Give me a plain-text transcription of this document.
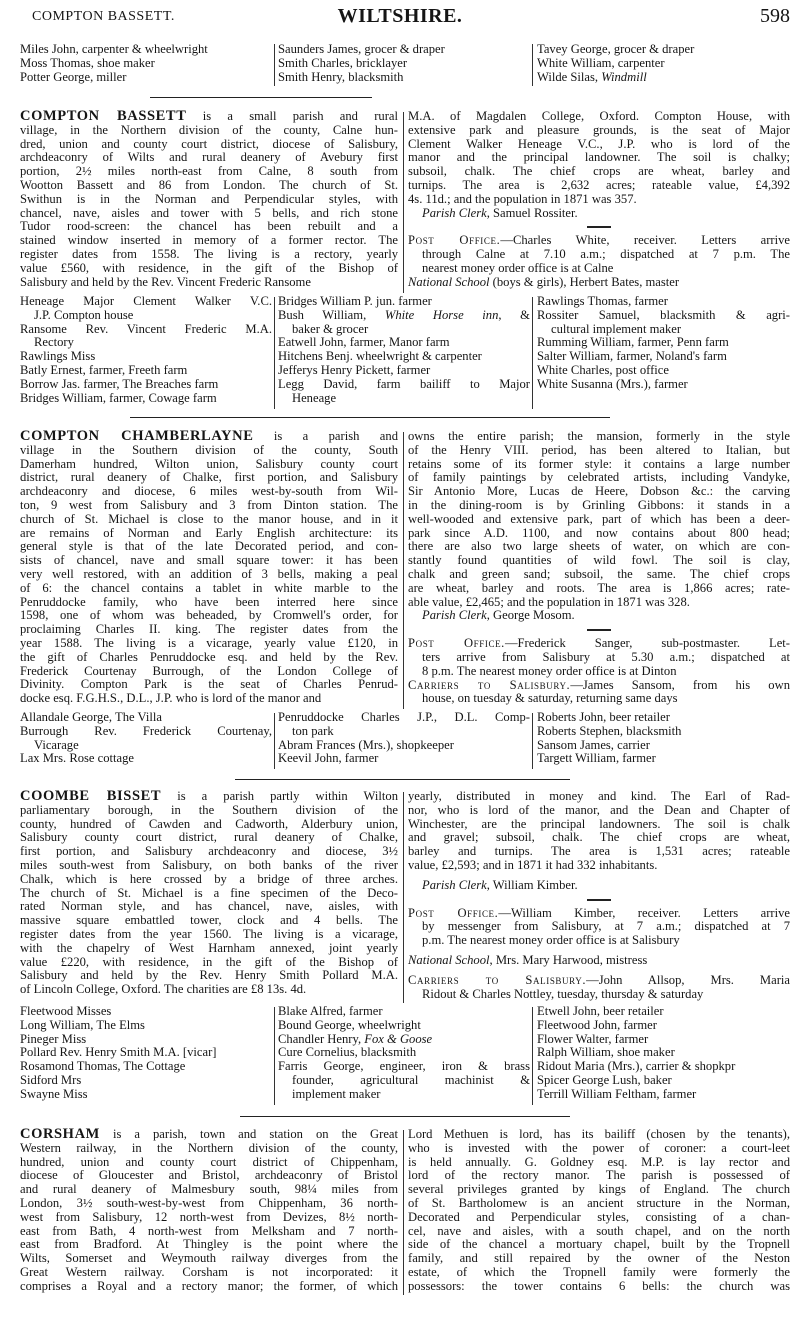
COMPTON BASSETT.	WILTSHIRE.	598
Miles John, carpenter & wheelwright
Moss Thomas, shoe maker
Potter George, miller
Saunders James, grocer & draper
Smith Charles, bricklayer
Smith Henry, blacksmith
Tavey George, grocer & draper
White William, carpenter
Wilde Silas, Windmill
COMPTON BASSETT is a small parish and rural
village, in the Northern division of the county, Calne hun-
dred, union and county court district, diocese of Salisbury,
archdeaconry of Wilts and rural deanery of Avebury first
portion, 2½ miles north-east from Calne, 8 south from
Wootton Bassett and 86 from London. The church of St.
Swithun is in the Norman and Perpendicular styles, with
chancel, nave, aisles and tower with 5 bells, and rich stone
Tudor rood-screen: the chancel has been rebuilt and a
stained window inserted in memory of a former rector. The
register dates from 1558. The living is a rectory, yearly
value £560, with residence, in the gift of the Bishop of
Salisbury and held by the Rev. Vincent Frederic Ransome
M.A. of Magdalen College, Oxford. Compton House, with
extensive park and pleasure grounds, is the seat of Major
Clement Walker Heneage V.C., J.P. who is lord of the
manor and the principal landowner. The soil is chalky;
subsoil, chalk. The chief crops are wheat, barley and
turnips. The area is 2,632 acres; rateable value, £4,392
4s. 11d.; and the population in 1871 was 357.
Parish Clerk, Samuel Rossiter.
Post Office.—Charles White, receiver. Letters arrive
through Calne at 7.10 a.m.; dispatched at 7 p.m. The
nearest money order office is at Calne
National School (boys & girls), Herbert Bates, master
Heneage Major Clement Walker V.C.
J.P. Compton house
Ransome Rev. Vincent Frederic M.A.
Rectory
Rawlings Miss
Batly Ernest, farmer, Freeth farm
Borrow Jas. farmer, The Breaches farm
Bridges William, farmer, Cowage farm
Bridges William P. jun. farmer
Bush William, White Horse inn, &
baker & grocer
Eatwell John, farmer, Manor farm
Hitchens Benj. wheelwright & carpenter
Jefferys Henry Pickett, farmer
Legg David, farm bailiff to Major
Heneage
Rawlings Thomas, farmer
Rossiter Samuel, blacksmith & agri-
cultural implement maker
Rumming William, farmer, Penn farm
Salter William, farmer, Noland's farm
White Charles, post office
White Susanna (Mrs.), farmer
COMPTON CHAMBERLAYNE is a parish and
village in the Southern division of the county, South
Damerham hundred, Wilton union, Salisbury county court
district, rural deanery of Chalke, first portion, and Salisbury
archdeaconry and diocese, 6 miles west-by-south from Wil-
ton, 9 west from Salisbury and 3 from Dinton station. The
church of St. Michael is close to the manor house, and in it
are remains of Norman and Early English architecture: its
general style is that of the late Decorated period, and con-
sists of chancel, nave and small square tower: it has been
very well restored, with an addition of 3 bells, making a peal
of 6: the chancel contains a tablet in white marble to the
Penruddocke family, who have been interred here since
1598, one of whom was beheaded, by Cromwell's order, for
proclaiming Charles II. king. The register dates from the
year 1588. The living is a vicarage, yearly value £120, in
the gift of Charles Penruddocke esq. and held by the Rev.
Frederick Courtenay Burrough, of the London College of
Divinity. Compton Park is the seat of Charles Penrud-
docke esq. F.G.H.S., D.L., J.P. who is lord of the manor and
owns the entire parish; the mansion, formerly in the style
of the Henry VIII. period, has been altered to Italian, but
retains some of its former style: it contains a large number
of family paintings by celebrated artists, including Vandyke,
Sir Antonio More, Lucas de Heere, Dobson &c.: the carving
in the dining-room is by Grinling Gibbons: it stands in a
well-wooded and extensive park, part of which has been a deer-
park since A.D. 1100, and now contains about 800 head;
there are also two large sheets of water, on which are con-
stantly found quantities of wild fowl. The soil is clay,
chalk and green sand; subsoil, the same. The chief crops
are wheat, barley and roots. The area is 1,866 acres; rate-
able value, £2,465; and the population in 1871 was 328.
Parish Clerk, George Mosom.
Post Office.—Frederick Sanger, sub-postmaster. Let-
ters arrive from Salisbury at 5.30 a.m.; dispatched at
8 p.m. The nearest money order office is at Dinton
Carriers to Salisbury.—James Sansom, from his own
house, on tuesday & saturday, returning same days
Allandale George, The Villa
Burrough Rev. Frederick Courtenay,
Vicarage
Lax Mrs. Rose cottage
Penruddocke Charles J.P., D.L. Comp-
ton park
Abram Frances (Mrs.), shopkeeper
Keevil John, farmer
Roberts John, beer retailer
Roberts Stephen, blacksmith
Sansom James, carrier
Targett William, farmer
COOMBE BISSET is a parish partly within Wilton
parliamentary borough, in the Southern division of the
county, hundred of Cawden and Cadworth, Alderbury union,
Salisbury county court district, rural deanery of Chalke,
first portion, and Salisbury archdeaconry and diocese, 3½
miles south-west from Salisbury, on both banks of the river
Chalk, which is here crossed by a bridge of three arches.
The church of St. Michael is a fine specimen of the Deco-
rated Norman style, and has chancel, nave, aisles, with
massive square embattled tower, clock and 4 bells. The
register dates from the year 1560. The living is a vicarage,
with the chapelry of West Harnham annexed, joint yearly
value £220, with residence, in the gift of the Bishop of
Salisbury and held by the Rev. Henry Smith Pollard M.A.
of Lincoln College, Oxford. The charities are £8 13s. 4d.
yearly, distributed in money and kind. The Earl of Rad-
nor, who is lord of the manor, and the Dean and Chapter of
Winchester, are the principal landowners. The soil is chalk
and gravel; subsoil, chalk. The chief crops are wheat,
barley and turnips. The area is 1,531 acres; rateable
value, £2,593; and in 1871 it had 332 inhabitants.
Parish Clerk, William Kimber.
Post Office.—William Kimber, receiver. Letters arrive
by messenger from Salisbury, at 7 a.m.; dispatched at 7
p.m. The nearest money order office is at Salisbury
National School, Mrs. Mary Harwood, mistress
Carriers to Salisbury.—John Allsop, Mrs. Maria
Ridout & Charles Nottley, tuesday, thursday & saturday
Fleetwood Misses
Long William, The Elms
Pineger Miss
Pollard Rev. Henry Smith M.A. [vicar]
Rosamond Thomas, The Cottage
Sidford Mrs
Swayne Miss
Blake Alfred, farmer
Bound George, wheelwright
Chandler Henry, Fox & Goose
Cure Cornelius, blacksmith
Farris George, engineer, iron & brass
founder, agricultural machinist &
implement maker
Etwell John, beer retailer
Fleetwood John, farmer
Flower Walter, farmer
Ralph William, shoe maker
Ridout Maria (Mrs.), carrier & shopkpr
Spicer George Lush, baker
Terrill William Feltham, farmer
CORSHAM is a parish, town and station on the Great
Western railway, in the Northern division of the county,
hundred, union and county court district of Chippenham,
diocese of Gloucester and Bristol, archdeaconry of Bristol
and rural deanery of Malmesbury south, 98¼ miles from
London, 3½ south-west-by-west from Chippenham, 36 north-
west from Salisbury, 12 north-west from Devizes, 8½ north-
east from Bath, 4 north-west from Melksham and 7 north-
east from Bradford. At Thingley is the point where the
Wilts, Somerset and Weymouth railway diverges from the
Great Western railway. Corsham is not incorporated: it
comprises a Royal and a rectory manor; the former, of which
Lord Methuen is lord, has its bailiff (chosen by the tenants),
who is invested with the power of coroner: a court-leet
is held annually. G. Goldney esq. M.P. is lay rector and
lord of the rectory manor. The parish is possessed of
several privileges granted by kings of England. The church
of St. Bartholomew is an ancient structure in the Norman,
Decorated and Perpendicular styles, consisting of a chan-
cel, nave and aisles, with a south chapel, and on the north
side of the chancel a mortuary chapel, built by the Tropnell
family, and still repaired by the owner of the Neston
estate, of which the Tropnell family were formerly the
possessors: the tower contains 6 bells: the church was
